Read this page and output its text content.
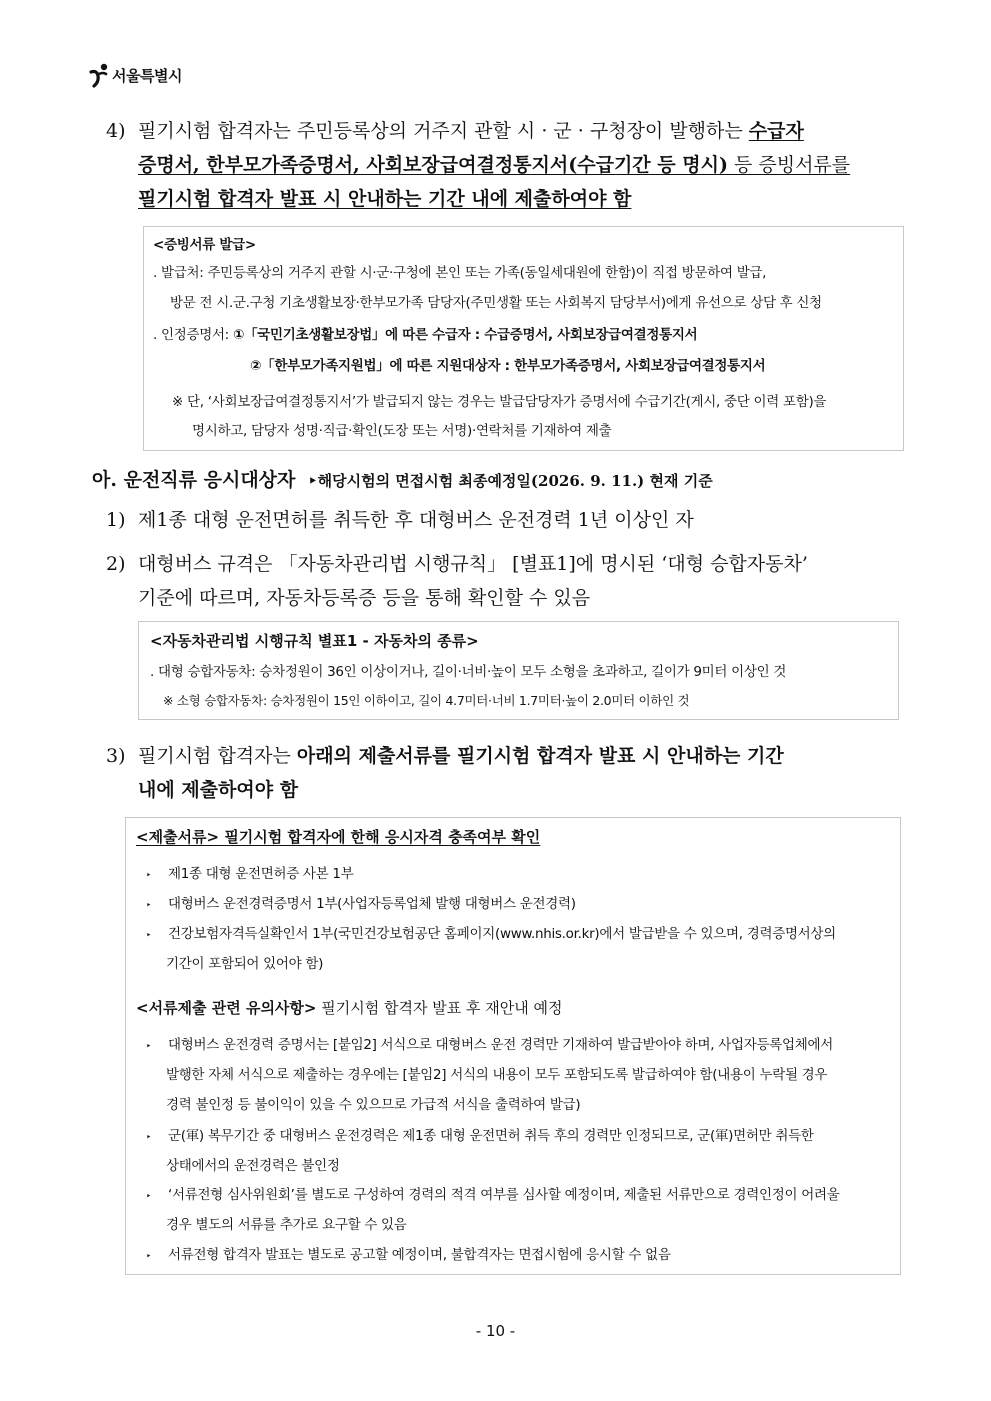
서울특별시
4) 필기시험 합격자는 주민등록상의 거주지 관할 시 · 군 · 구청장이 발행하는 수급자
증명서, 한부모가족증명서, 사회보장급여결정통지서(수급기간 등 명시) 등 증빙서류를
필기시험 합격자 발표 시 안내하는 기간 내에 제출하여야 함
<증빙서류 발급>
. 발급처: 주민등록상의 거주지 관할 시·군·구청에 본인 또는 가족(동일세대원에 한함)이 직접 방문하여 발급,
방문 전 시.군.구청 기초생활보장·한부모가족 담당자(주민생활 또는 사회복지 담당부서)에게 유선으로 상담 후 신청
. 인정증명서: ①「국민기초생활보장법」에 따른 수급자 : 수급증명서, 사회보장급여결정통지서
②「한부모가족지원법」에 따른 지원대상자 : 한부모가족증명서, 사회보장급여결정통지서
※ 단, ‘사회보장급여결정통지서’가 발급되지 않는 경우는 발급담당자가 증명서에 수급기간(게시, 중단 이력 포함)을
명시하고, 담당자 성명·직급·확인(도장 또는 서명)·연락처를 기재하여 제출
아. 운전직류 응시대상자 ‣해당시험의 면접시험 최종예정일(2026. 9. 11.) 현재 기준
1) 제1종 대형 운전면허를 취득한 후 대형버스 운전경력 1년 이상인 자
2) 대형버스 규격은 「자동차관리법 시행규칙」 [별표1]에 명시된 ‘대형 승합자동차’
기준에 따르며, 자동차등록증 등을 통해 확인할 수 있음
<자동차관리법 시행규칙 별표1 - 자동차의 종류>
. 대형 승합자동차: 승차정원이 36인 이상이거나, 길이·너비·높이 모두 소형을 초과하고, 길이가 9미터 이상인 것
※ 소형 승합자동차: 승차정원이 15인 이하이고, 길이 4.7미터·너비 1.7미터·높이 2.0미터 이하인 것
3) 필기시험 합격자는 아래의 제출서류를 필기시험 합격자 발표 시 안내하는 기간
내에 제출하여야 함
<제출서류> 필기시험 합격자에 한해 응시자격 충족여부 확인
‣ 제1종 대형 운전면허증 사본 1부
‣ 대형버스 운전경력증명서 1부(사업자등록업체 발행 대형버스 운전경력)
‣ 건강보험자격득실확인서 1부(국민건강보험공단 홈페이지(www.nhis.or.kr)에서 발급받을 수 있으며, 경력증명서상의
기간이 포함되어 있어야 함)
<서류제출 관련 유의사항> 필기시험 합격자 발표 후 재안내 예정
‣ 대형버스 운전경력 증명서는 [붙임2] 서식으로 대형버스 운전 경력만 기재하여 발급받아야 하며, 사업자등록업체에서
발행한 자체 서식으로 제출하는 경우에는 [붙임2] 서식의 내용이 모두 포함되도록 발급하여야 함(내용이 누락될 경우
경력 불인정 등 불이익이 있을 수 있으므로 가급적 서식을 출력하여 발급)
‣ 군(軍) 복무기간 중 대형버스 운전경력은 제1종 대형 운전면허 취득 후의 경력만 인정되므로, 군(軍)면허만 취득한
상태에서의 운전경력은 불인정
‣ ‘서류전형 심사위원회’를 별도로 구성하여 경력의 적격 여부를 심사할 예정이며, 제출된 서류만으로 경력인정이 어려울
경우 별도의 서류를 추가로 요구할 수 있음
‣ 서류전형 합격자 발표는 별도로 공고할 예정이며, 불합격자는 면접시험에 응시할 수 없음
- 10 -
